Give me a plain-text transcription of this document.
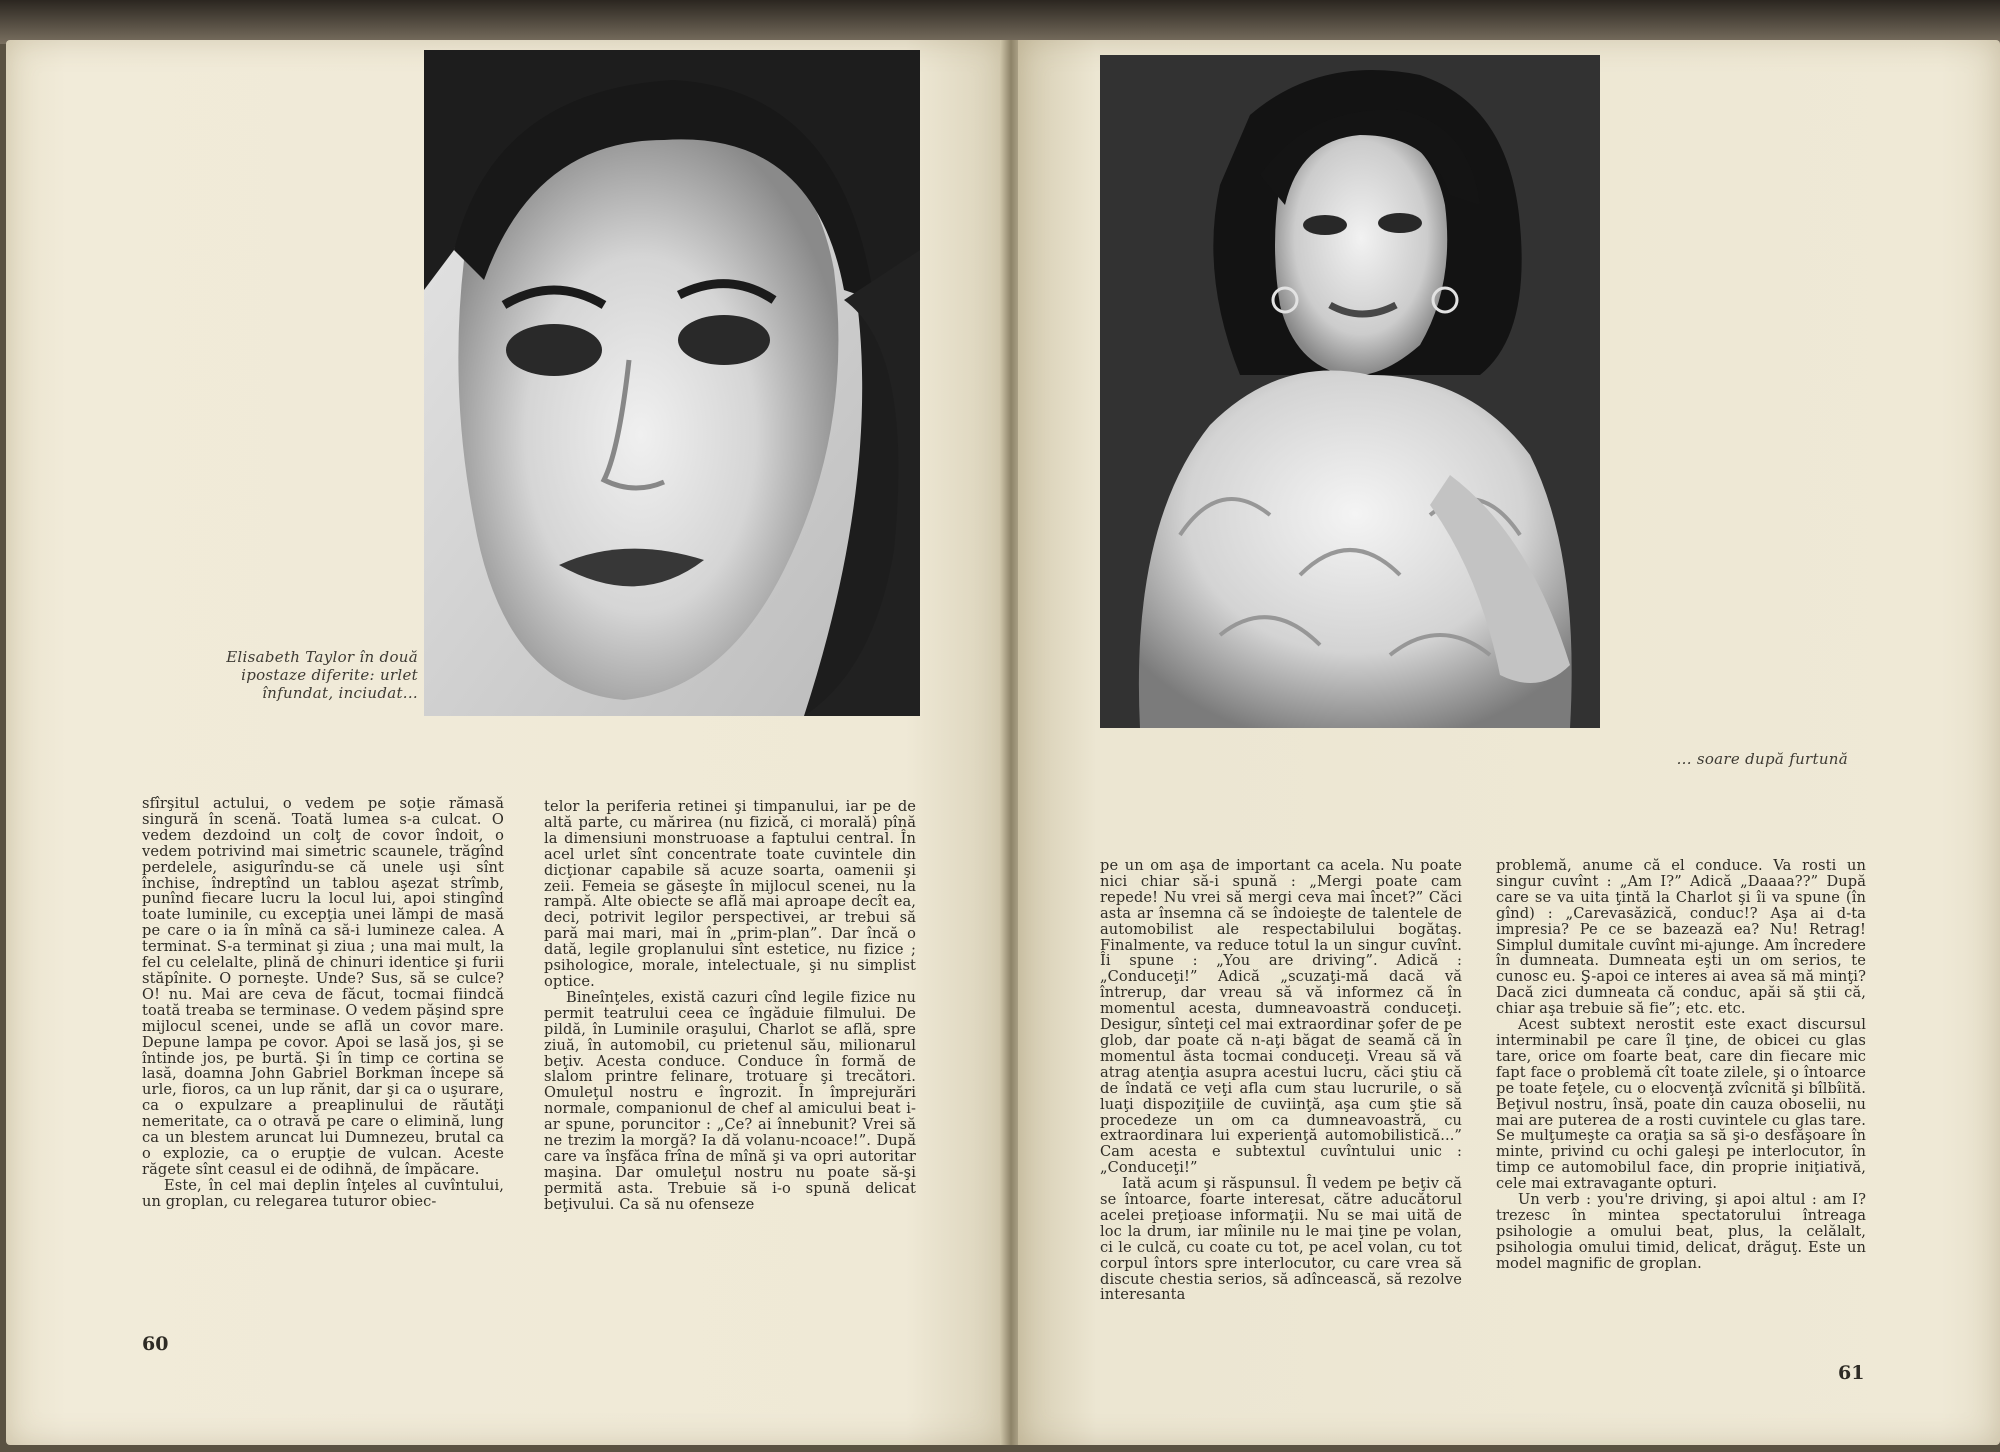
Elisabeth Taylor în două ipostaze diferite: urlet înfundat, inciudat...

sfîrşitul actului, o vedem pe soţie rămasă singură în scenă. Toată lumea s-a culcat. O vedem dezdoind un colţ de covor îndoit, o vedem potrivind mai simetric scaunele, trăgînd perdelele, asigurîndu-se că unele uşi sînt închise, îndreptînd un tablou aşezat strîmb, punînd fiecare lucru la locul lui, apoi stingînd toate luminile, cu excepţia unei lămpi de masă pe care o ia în mînă ca să-i lumineze calea. A terminat. S-a terminat şi ziua ; una mai mult, la fel cu celelalte, plină de chinuri identice şi furii stăpînite. O porneşte. Unde? Sus, să se culce? O! nu. Mai are ceva de făcut, tocmai fiindcă toată treaba se terminase. O vedem păşind spre mijlocul scenei, unde se află un covor mare. Depune lampa pe covor. Apoi se lasă jos, şi se întinde jos, pe burtă. Şi în timp ce cortina se lasă, doamna John Gabriel Borkman începe să urle, fioros, ca un lup rănit, dar şi ca o uşurare, ca o expulzare a preaplinului de răutăţi nemeritate, ca o otravă pe care o elimină, lung ca un blestem aruncat lui Dumnezeu, brutal ca o explozie, ca o erupţie de vulcan. Aceste răgete sînt ceasul ei de odihnă, de împăcare.

Este, în cel mai deplin înţeles al cuvîntului, un groplan, cu relegarea tuturor obiec-

telor la periferia retinei şi timpanului, iar pe de altă parte, cu mărirea (nu fizică, ci morală) pînă la dimensiuni monstruoase a faptului central. În acel urlet sînt concentrate toate cuvintele din dicţionar capabile să acuze soarta, oamenii şi zeii. Femeia se găseşte în mijlocul scenei, nu la rampă. Alte obiecte se află mai aproape decît ea, deci, potrivit legilor perspectivei, ar trebui să pară mai mari, mai în „prim-plan”. Dar încă o dată, legile groplanului sînt estetice, nu fizice ; psihologice, morale, intelectuale, şi nu simplist optice.

Bineînţeles, există cazuri cînd legile fizice nu permit teatrului ceea ce îngăduie filmului. De pildă, în Luminile oraşului, Charlot se află, spre ziuă, în automobil, cu prietenul său, milionarul beţiv. Acesta conduce. Conduce în formă de slalom printre felinare, trotuare şi trecători. Omuleţul nostru e îngrozit. În împrejurări normale, companionul de chef al amicului beat i-ar spune, poruncitor : „Ce? ai înnebunit? Vrei să ne trezim la morgă? Ia dă volanu-ncoace!”. După care va înşfăca frîna de mînă şi va opri autoritar maşina. Dar omuleţul nostru nu poate să-şi permită asta. Trebuie să i-o spună delicat beţivului. Ca să nu ofenseze

60
... soare după furtună

pe un om aşa de important ca acela. Nu poate nici chiar să-i spună : „Mergi poate cam repede! Nu vrei să mergi ceva mai încet?” Căci asta ar însemna că se îndoieşte de talentele de automobilist ale respectabilului bogătaş. Finalmente, va reduce totul la un singur cuvînt. Îi spune : „You are driving”. Adică : „Conduceţi!” Adică „scuzaţi-mă dacă vă întrerup, dar vreau să vă informez că în momentul acesta, dumneavoastră conduceţi. Desigur, sînteţi cel mai extraordinar şofer de pe glob, dar poate că n-aţi băgat de seamă că în momentul ăsta tocmai conduceţi. Vreau să vă atrag atenţia asupra acestui lucru, căci ştiu că de îndată ce veţi afla cum stau lucrurile, o să luaţi dispoziţiile de cuviinţă, aşa cum ştie să procedeze un om ca dumneavoastră, cu extraordinara lui experienţă automobilistică...” Cam acesta e subtextul cuvîntului unic : „Conduceţi!”

Iată acum şi răspunsul. Îl vedem pe beţiv că se întoarce, foarte interesat, către aducătorul acelei preţioase informaţii. Nu se mai uită de loc la drum, iar mîinile nu le mai ţine pe volan, ci le culcă, cu coate cu tot, pe acel volan, cu tot corpul întors spre interlocutor, cu care vrea să discute chestia serios, să adîncească, să rezolve interesanta

problemă, anume că el conduce. Va rosti un singur cuvînt : „Am I?” Adică „Daaaa??” După care se va uita ţintă la Charlot şi îi va spune (în gînd) : „Carevasăzică, conduc!? Aşa ai d-ta impresia? Pe ce se bazează ea? Nu! Retrag! Simplul dumitale cuvînt mi-ajunge. Am încredere în dumneata. Dumneata eşti un om serios, te cunosc eu. Ş-apoi ce interes ai avea să mă minţi? Dacă zici dumneata că conduc, apăi să ştii că, chiar aşa trebuie să fie”; etc. etc.

Acest subtext nerostit este exact discursul interminabil pe care îl ţine, de obicei cu glas tare, orice om foarte beat, care din fiecare mic fapt face o problemă cît toate zilele, şi o întoarce pe toate feţele, cu o elocvenţă zvîcnită şi bîlbîită. Beţivul nostru, însă, poate din cauza oboselii, nu mai are puterea de a rosti cuvintele cu glas tare. Se mulţumeşte ca oraţia sa să şi-o desfăşoare în minte, privind cu ochi galeşi pe interlocutor, în timp ce automobilul face, din proprie iniţiativă, cele mai extravagante opturi.

Un verb : you're driving, şi apoi altul : am I? trezesc în mintea spectatorului întreaga psihologie a omului beat, plus, la celălalt, psihologia omului timid, delicat, drăguţ. Este un model magnific de groplan.

61
